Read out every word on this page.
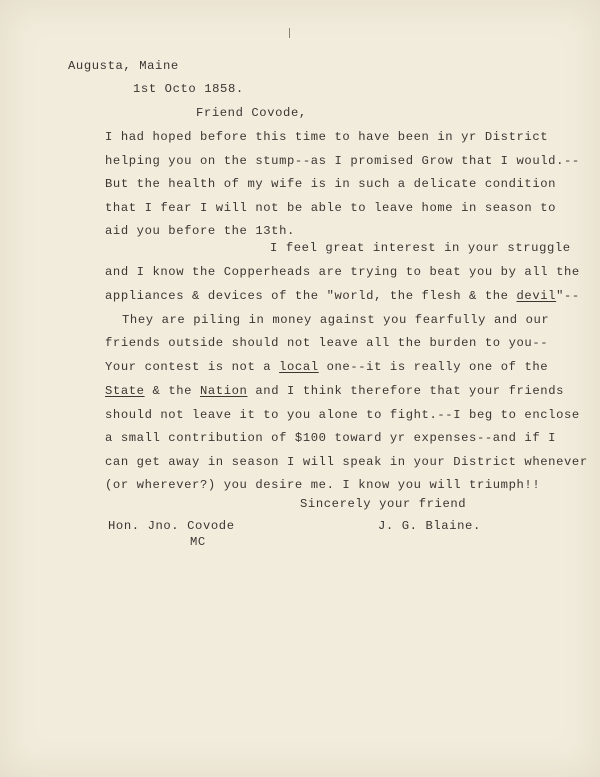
Augusta, Maine
1st Octo 1858.
Friend Covode,
I had hoped before this time to have been in yr District
helping you on the stump--as I promised Grow that I would.--
But the health of my wife is in such a delicate condition
that I fear I will not be able to leave home in season to
aid you before the 13th.
I feel great interest in your struggle
and I know the Copperheads are trying to beat you by all the
appliances & devices of the "world, the flesh & the devil"--
They are piling in money against you fearfully and our
friends outside should not leave all the burden to you--
Your contest is not a local one--it is really one of the
State & the Nation and I think therefore that your friends
should not leave it to you alone to fight.--I beg to enclose
a small contribution of $100 toward yr expenses--and if I
can get away in season I will speak in your District whenever
(or wherever?) you desire me. I know you will triumph!!
Sincerely your friend
Hon. Jno. Covode
MC
J. G. Blaine.
